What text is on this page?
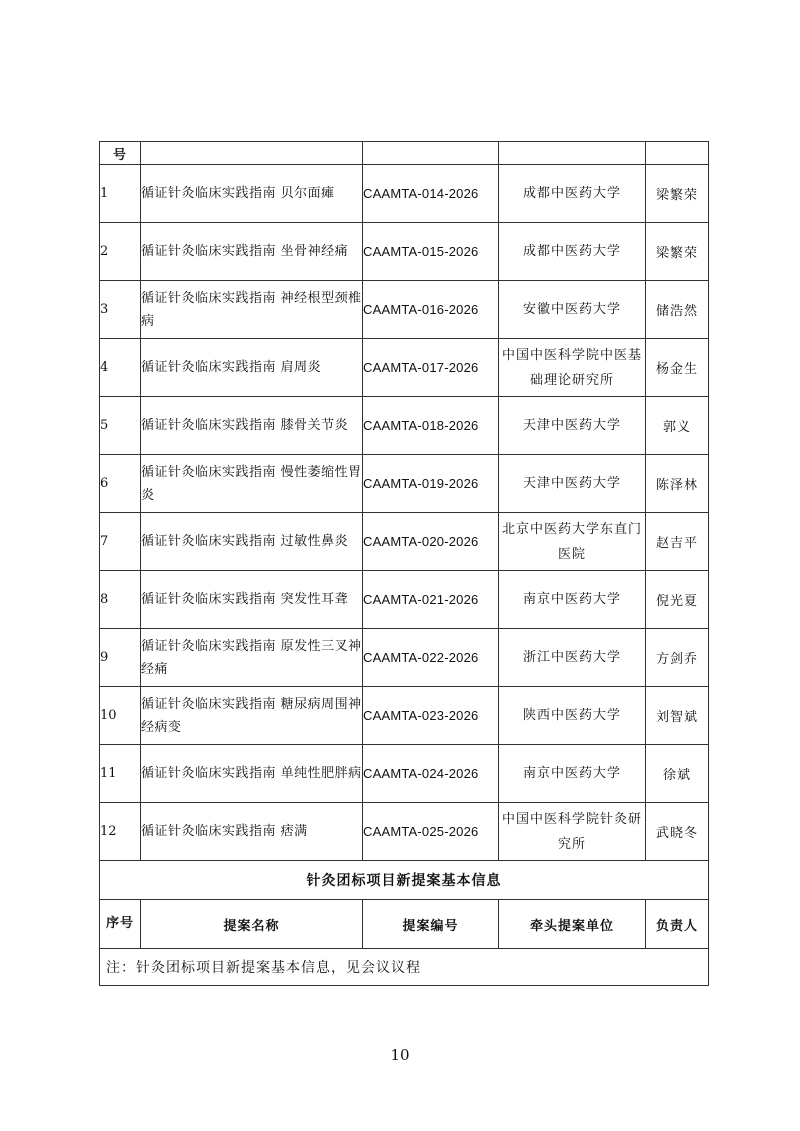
号				
1	循证针灸临床实践指南 贝尔面瘫	CAAMTA-014-2026	成都中医药大学	梁繁荣
2	循证针灸临床实践指南 坐骨神经痛	CAAMTA-015-2026	成都中医药大学	梁繁荣
3	循证针灸临床实践指南 神经根型颈椎病	CAAMTA-016-2026	安徽中医药大学	储浩然
4	循证针灸临床实践指南 肩周炎	CAAMTA-017-2026	中国中医科学院中医基础理论研究所	杨金生
5	循证针灸临床实践指南 膝骨关节炎	CAAMTA-018-2026	天津中医药大学	郭义
6	循证针灸临床实践指南 慢性萎缩性胃炎	CAAMTA-019-2026	天津中医药大学	陈泽林
7	循证针灸临床实践指南 过敏性鼻炎	CAAMTA-020-2026	北京中医药大学东直门医院	赵吉平
8	循证针灸临床实践指南 突发性耳聋	CAAMTA-021-2026	南京中医药大学	倪光夏
9	循证针灸临床实践指南 原发性三叉神经痛	CAAMTA-022-2026	浙江中医药大学	方剑乔
10	循证针灸临床实践指南 糖尿病周围神经病变	CAAMTA-023-2026	陕西中医药大学	刘智斌
11	循证针灸临床实践指南 单纯性肥胖病	CAAMTA-024-2026	南京中医药大学	徐斌
12	循证针灸临床实践指南 痞满	CAAMTA-025-2026	中国中医科学院针灸研究所	武晓冬
针灸团标项目新提案基本信息				
序号	提案名称	提案编号	牵头提案单位	负责人
注：针灸团标项目新提案基本信息，见会议议程				
10
